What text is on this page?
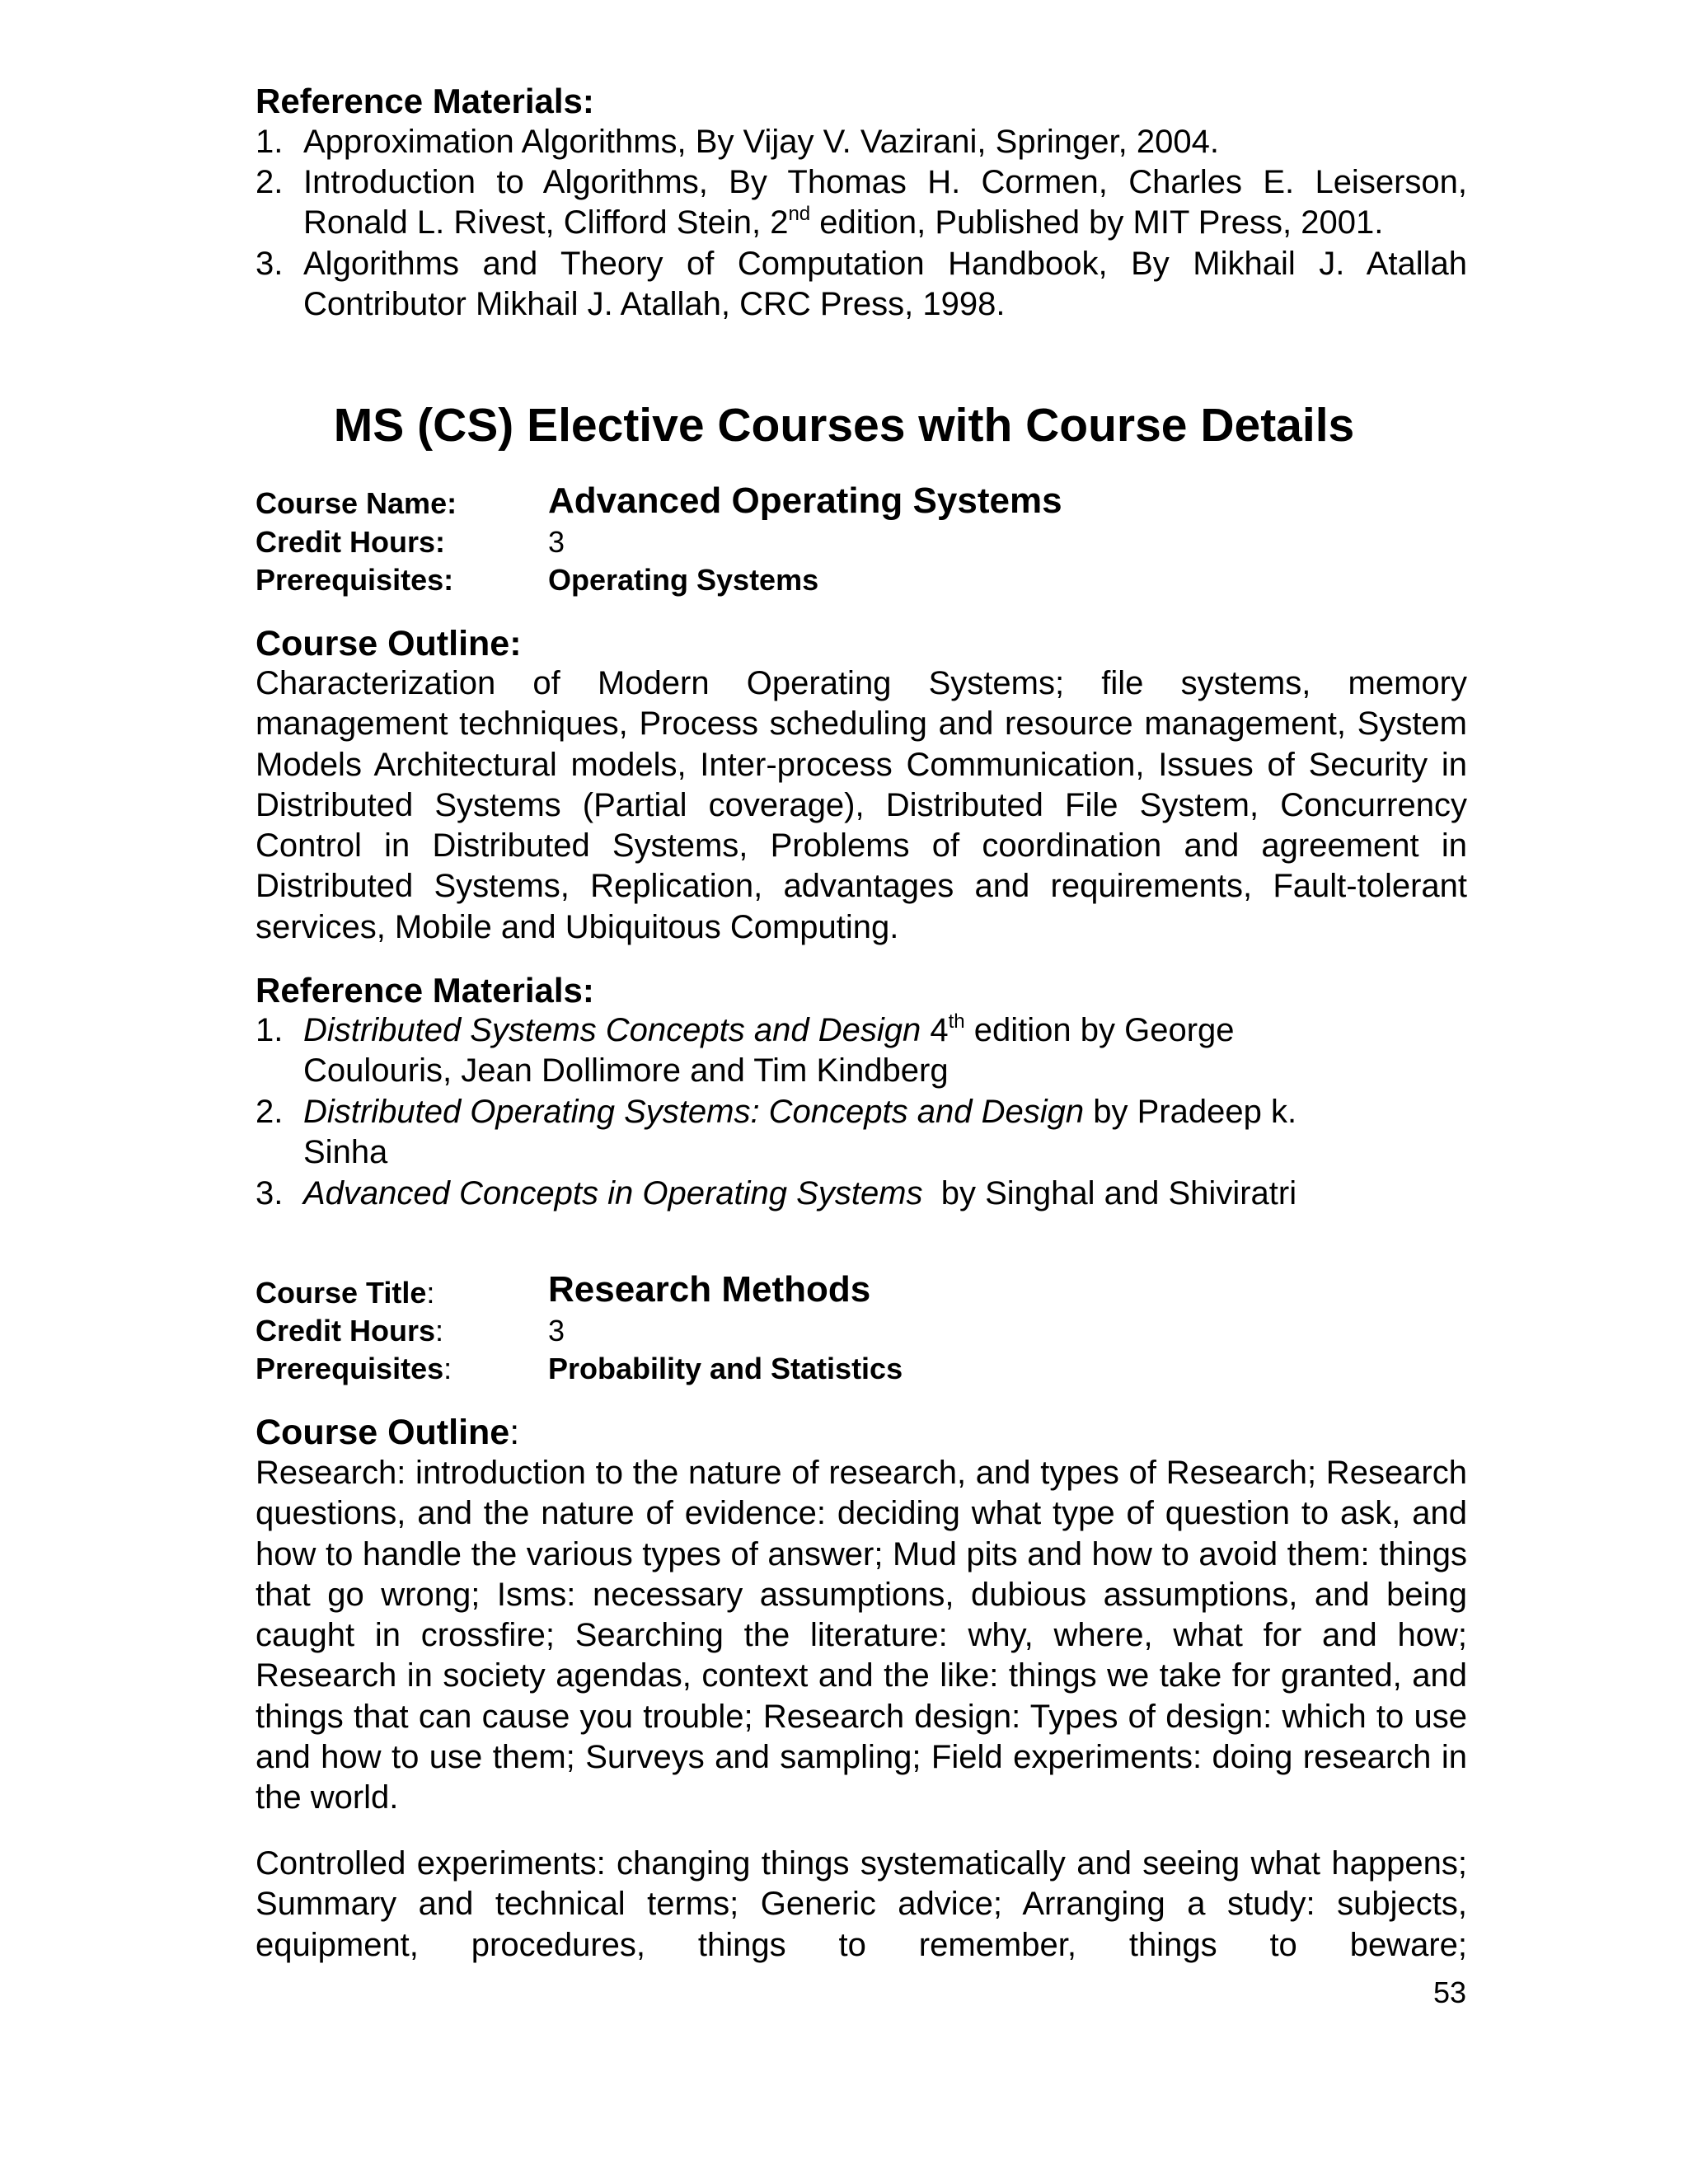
Reference Materials:
1. Approximation Algorithms, By Vijay V. Vazirani, Springer, 2004.
2. Introduction to Algorithms, By Thomas H. Cormen, Charles E. Leiserson, Ronald L. Rivest, Clifford Stein, 2nd edition, Published by MIT Press, 2001.
3. Algorithms and Theory of Computation Handbook, By Mikhail J. Atallah Contributor Mikhail J. Atallah, CRC Press, 1998.
MS (CS) Elective Courses with Course Details
Course Name:	Advanced Operating Systems
Credit Hours:	3
Prerequisites:	Operating Systems
Course Outline:
Characterization of Modern Operating Systems; file systems, memory management techniques, Process scheduling and resource management, System Models Architectural models, Inter-process Communication, Issues of Security in Distributed Systems (Partial coverage), Distributed File System, Concurrency Control in Distributed Systems, Problems of coordination and agreement in Distributed Systems, Replication, advantages and requirements, Fault-tolerant services, Mobile and Ubiquitous Computing.
Reference Materials:
1. Distributed Systems Concepts and Design 4th edition by George
Coulouris, Jean Dollimore and Tim Kindberg
2. Distributed Operating Systems: Concepts and Design by Pradeep k.
Sinha
3. Advanced Concepts in Operating Systems  by Singhal and Shiviratri
Course Title:	Research Methods
Credit Hours:	3
Prerequisites:	Probability and Statistics
Course Outline:
Research: introduction to the nature of research, and types of Research; Research questions, and the nature of evidence: deciding what type of question to ask, and how to handle the various types of answer; Mud pits and how to avoid them: things that go wrong; Isms: necessary assumptions, dubious assumptions, and being caught in crossfire; Searching the literature: why, where, what for and how; Research in society agendas, context and the like: things we take for granted, and things that can cause you trouble; Research design: Types of design: which to use and how to use them; Surveys and sampling; Field experiments: doing research in the world.
Controlled experiments: changing things systematically and seeing what happens; Summary and technical terms; Generic advice; Arranging a study: subjects, equipment, procedures, things to remember, things to beware;
53
